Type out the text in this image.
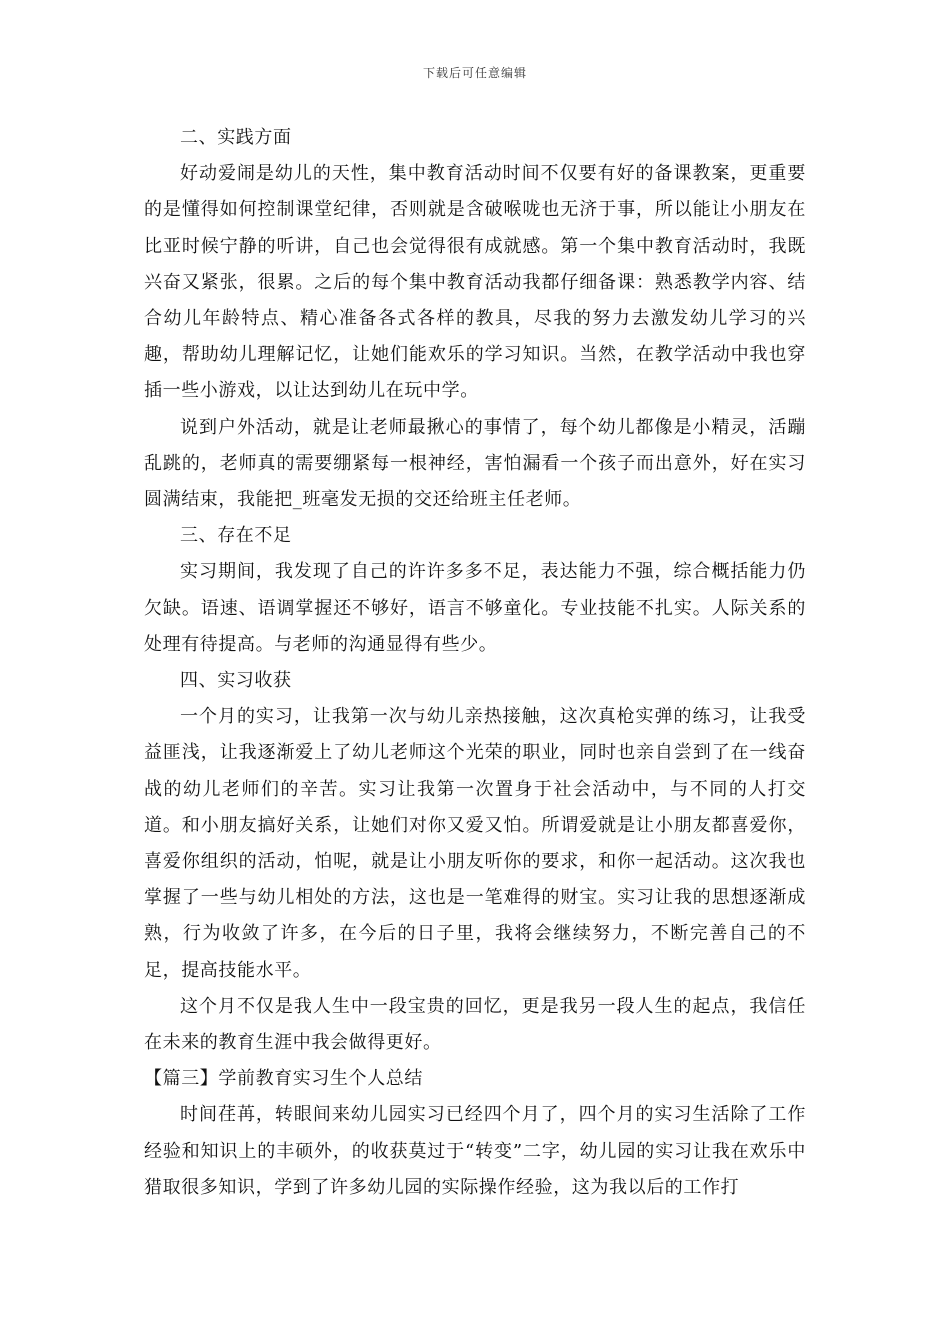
下载后可任意编辑

二、实践方面

好动爱闹是幼儿的天性，集中教育活动时间不仅要有好的备课教案，更重要的是懂得如何控制课堂纪律，否则就是含破喉咙也无济于事，所以能让小朋友在比亚时候宁静的听讲，自己也会觉得很有成就感。第一个集中教育活动时，我既兴奋又紧张，很累。之后的每个集中教育活动我都仔细备课：熟悉教学内容、结合幼儿年龄特点、精心准备各式各样的教具，尽我的努力去激发幼儿学习的兴趣，帮助幼儿理解记忆，让她们能欢乐的学习知识。当然，在教学活动中我也穿插一些小游戏，以让达到幼儿在玩中学。

说到户外活动，就是让老师最揪心的事情了，每个幼儿都像是小精灵，活蹦乱跳的，老师真的需要绷紧每一根神经，害怕漏看一个孩子而出意外，好在实习圆满结束，我能把_班毫发无损的交还给班主任老师。

三、存在不足

实习期间，我发现了自己的许许多多不足，表达能力不强，综合概括能力仍欠缺。语速、语调掌握还不够好，语言不够童化。专业技能不扎实。人际关系的处理有待提高。与老师的沟通显得有些少。

四、实习收获

一个月的实习，让我第一次与幼儿亲热接触，这次真枪实弹的练习，让我受益匪浅，让我逐渐爱上了幼儿老师这个光荣的职业，同时也亲自尝到了在一线奋战的幼儿老师们的辛苦。实习让我第一次置身于社会活动中，与不同的人打交道。和小朋友搞好关系，让她们对你又爱又怕。所谓爱就是让小朋友都喜爱你，喜爱你组织的活动，怕呢，就是让小朋友听你的要求，和你一起活动。这次我也掌握了一些与幼儿相处的方法，这也是一笔难得的财宝。实习让我的思想逐渐成熟，行为收敛了许多，在今后的日子里，我将会继续努力，不断完善自己的不足，提高技能水平。

这个月不仅是我人生中一段宝贵的回忆，更是我另一段人生的起点，我信任在未来的教育生涯中我会做得更好。

【篇三】学前教育实习生个人总结

时间荏苒，转眼间来幼儿园实习已经四个月了，四个月的实习生活除了工作经验和知识上的丰硕外，的收获莫过于“转变”二字，幼儿园的实习让我在欢乐中猎取很多知识，学到了许多幼儿园的实际操作经验，这为我以后的工作打
